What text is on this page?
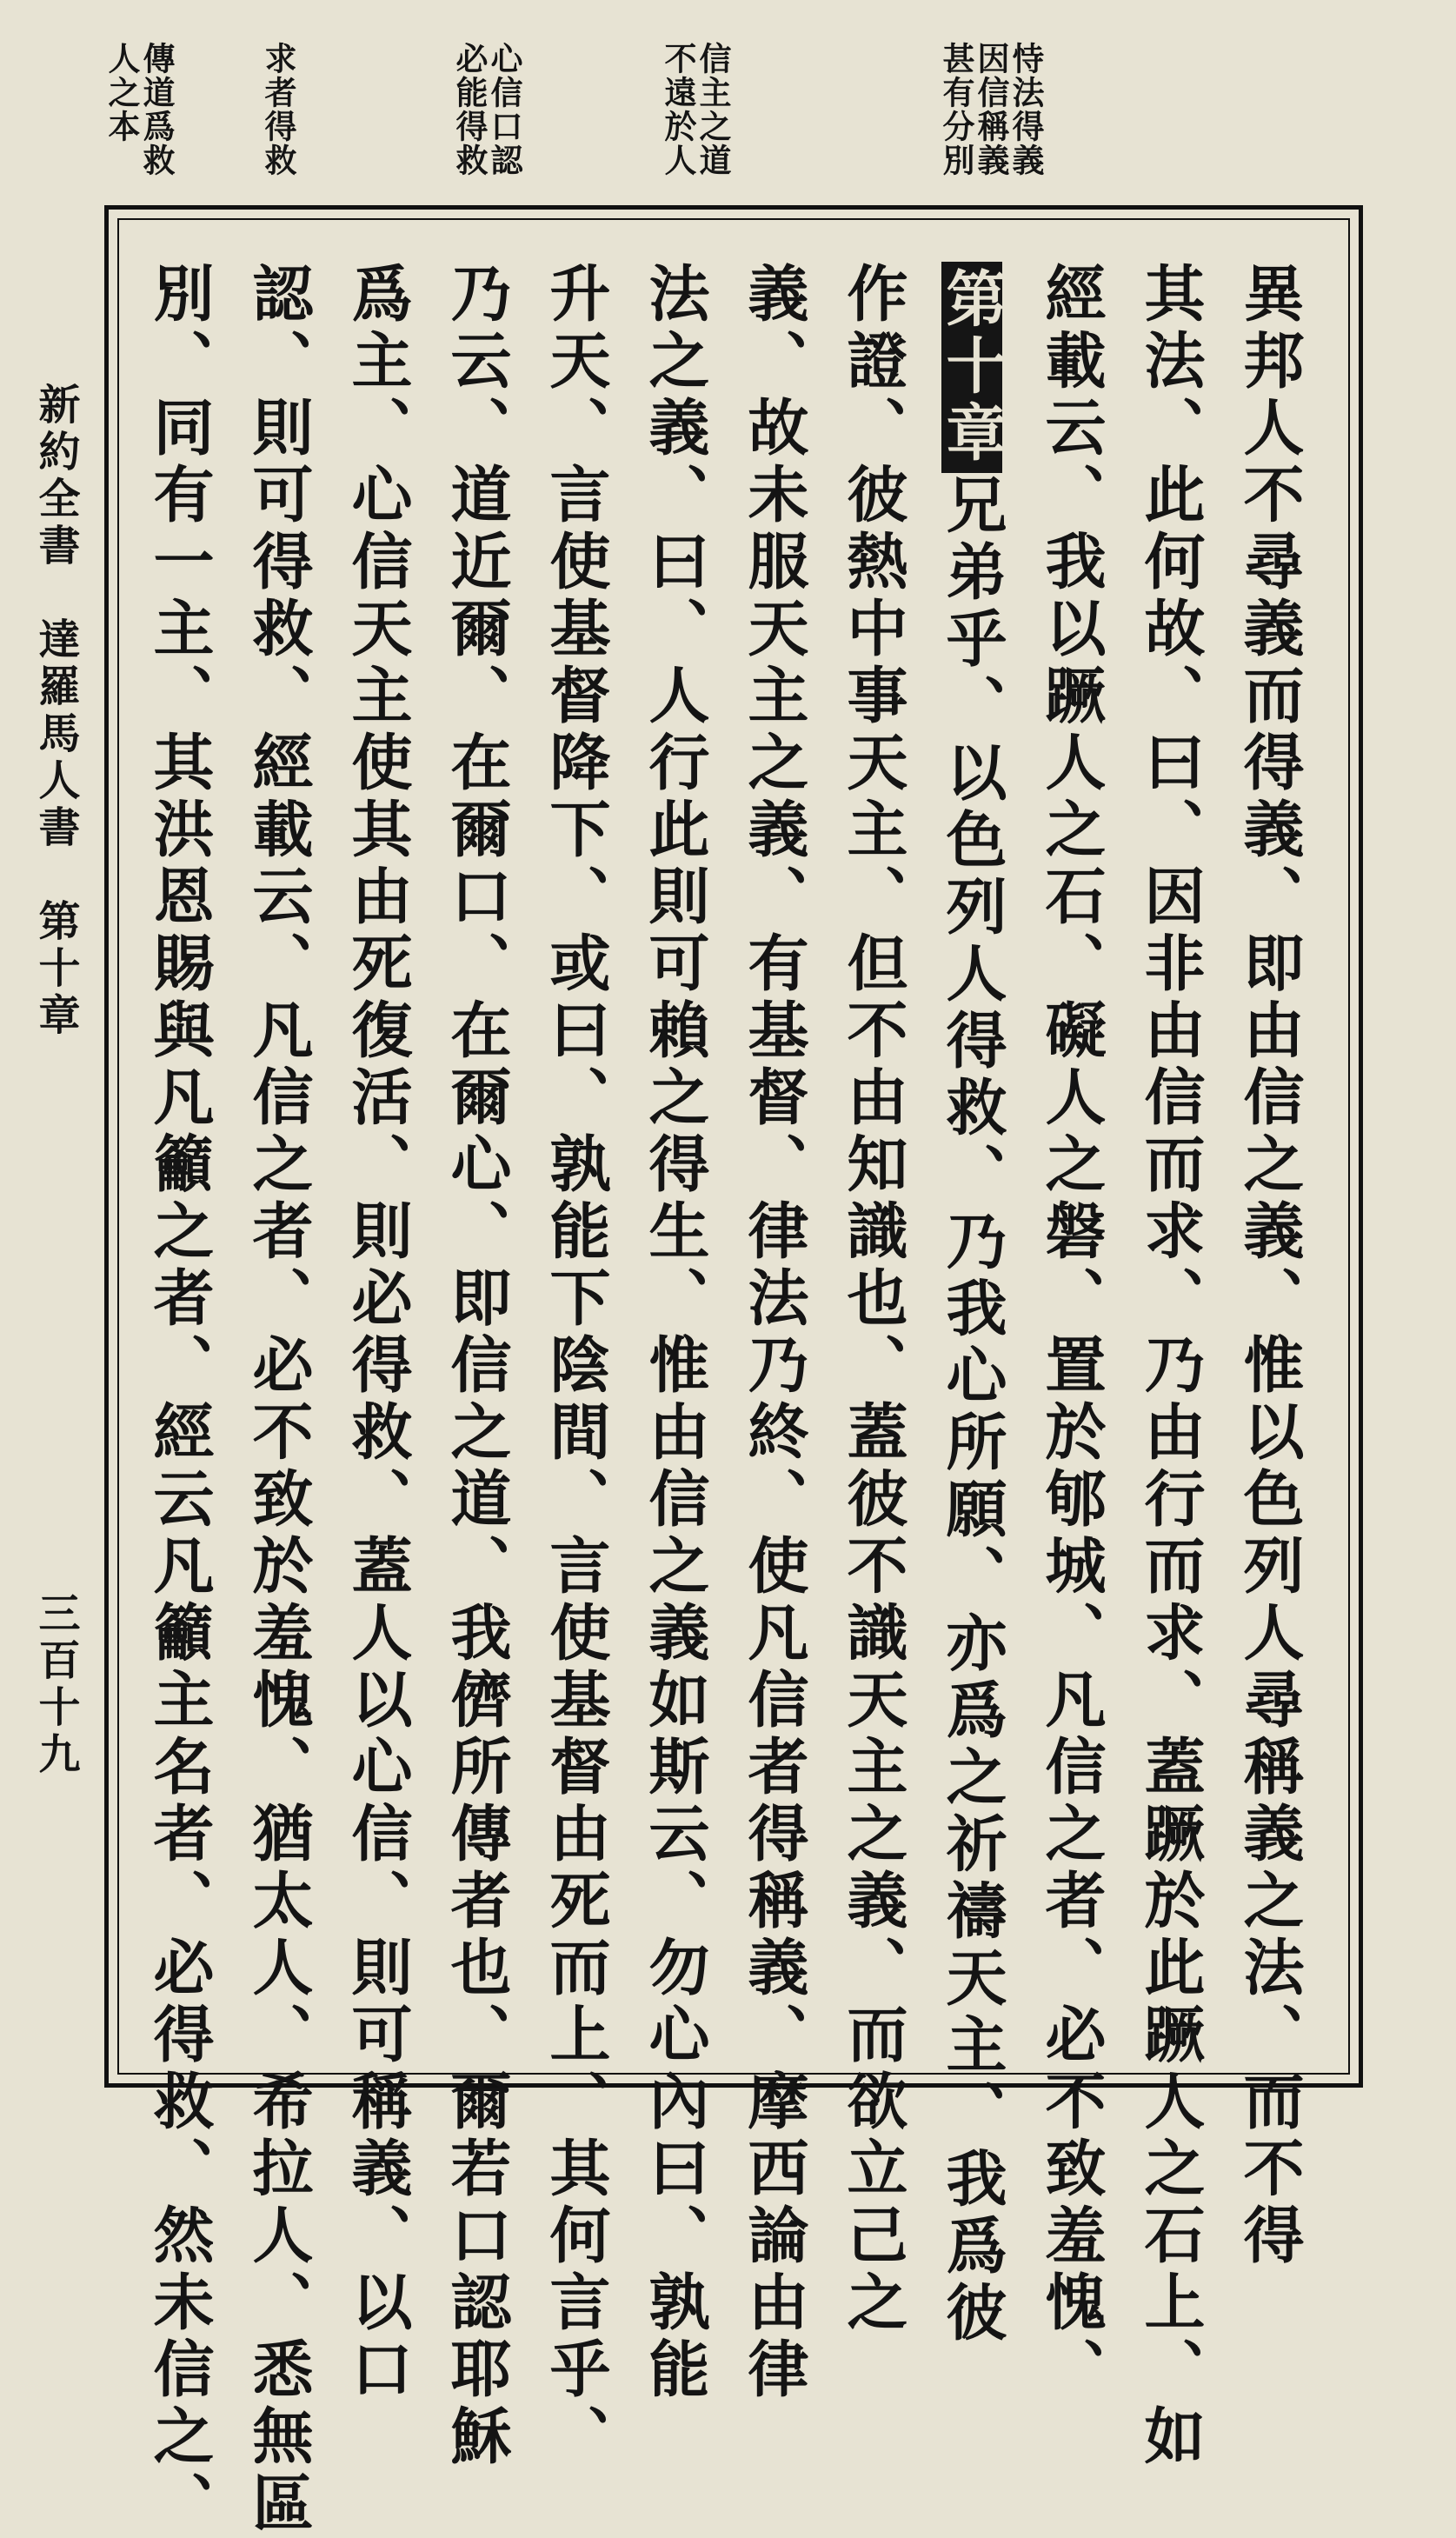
傳道爲救
人之本	求者得救	心信口認
必能得救	信主之道
不遠於人	恃法得義
因信稱義
甚有分別
新約全書　達羅馬人書　第十章
三百十九	異邦人不尋義而得義、即由信之義、惟以色列人尋稱義之法、而不得
其法、此何故、曰、因非由信而求、乃由行而求、蓋蹶於此蹶人之石上、如
經載云、我以蹶人之石、礙人之磐、置於郇城、凡信之者、必不致羞愧、
第十章兄弟乎、以色列人得救、乃我心所願、亦爲之祈禱天主、我爲彼
作證、彼熱中事天主、但不由知識也、蓋彼不識天主之義、而欲立己之
義、故未服天主之義、有基督、律法乃終、使凡信者得稱義、摩西論由律
法之義、曰、人行此則可賴之得生、惟由信之義如斯云、勿心內曰、孰能
升天、言使基督降下、或曰、孰能下陰間、言使基督由死而上、其何言乎、
乃云、道近爾、在爾口、在爾心、即信之道、我儕所傳者也、爾若口認耶穌
爲主、心信天主使其由死復活、則必得救、蓋人以心信、則可稱義、以口
認、則可得救、經載云、凡信之者、必不致於羞愧、猶太人、希拉人、悉無區
別、同有一主、其洪恩賜與凡籲之者、經云凡籲主名者、必得救、然未信之、
